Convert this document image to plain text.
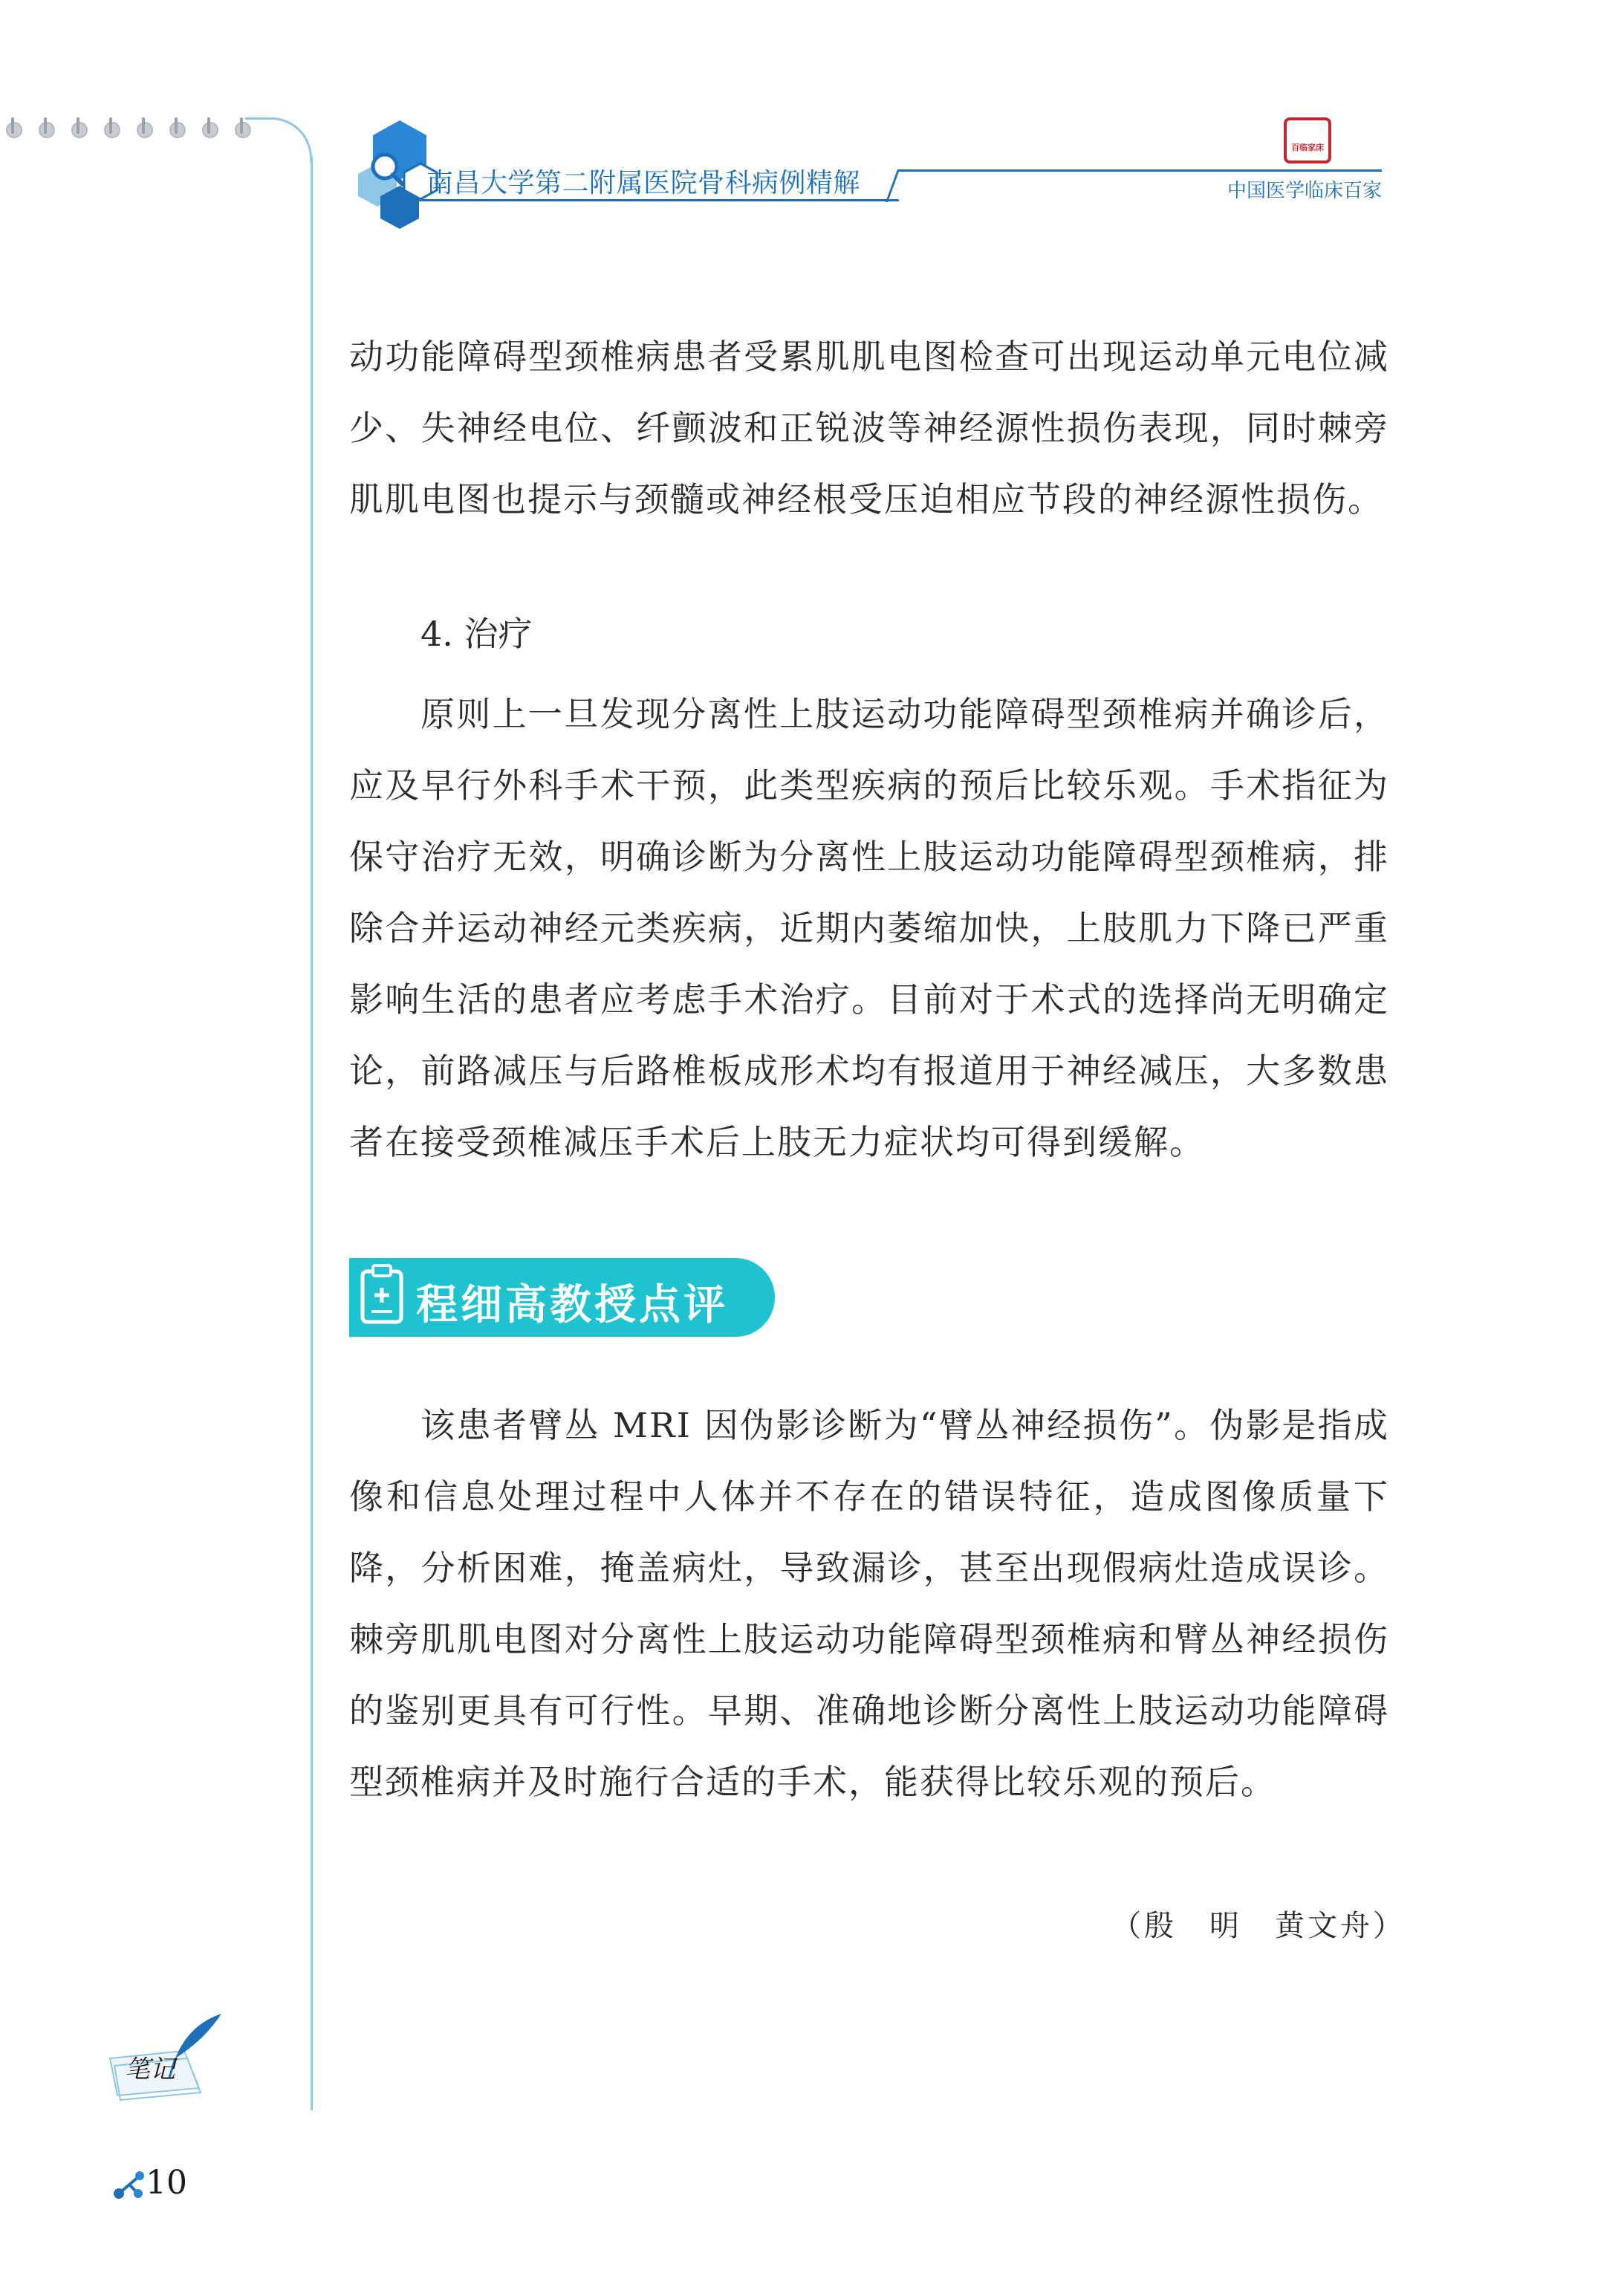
南昌大学第二附属医院骨科病例精解
百临家床
中国医学临床百家

动功能障碍型颈椎病患者受累肌肌电图检查可出现运动单元电位减少、失神经电位、纤颤波和正锐波等神经源性损伤表现，同时棘旁肌肌电图也提示与颈髓或神经根受压迫相应节段的神经源性损伤。

4. 治疗

原则上一旦发现分离性上肢运动功能障碍型颈椎病并确诊后，应及早行外科手术干预，此类型疾病的预后比较乐观。手术指征为保守治疗无效，明确诊断为分离性上肢运动功能障碍型颈椎病，排除合并运动神经元类疾病，近期内萎缩加快，上肢肌力下降已严重影响生活的患者应考虑手术治疗。目前对于术式的选择尚无明确定论，前路减压与后路椎板成形术均有报道用于神经减压，大多数患者在接受颈椎减压手术后上肢无力症状均可得到缓解。

程细高教授点评

该患者臂丛 MRI 因伪影诊断为“臂丛神经损伤”。伪影是指成像和信息处理过程中人体并不存在的错误特征，造成图像质量下降，分析困难，掩盖病灶，导致漏诊，甚至出现假病灶造成误诊。棘旁肌肌电图对分离性上肢运动功能障碍型颈椎病和臂丛神经损伤的鉴别更具有可行性。早期、准确地诊断分离性上肢运动功能障碍型颈椎病并及时施行合适的手术，能获得比较乐观的预后。

（殷　明　黄文舟）
笔记
10
